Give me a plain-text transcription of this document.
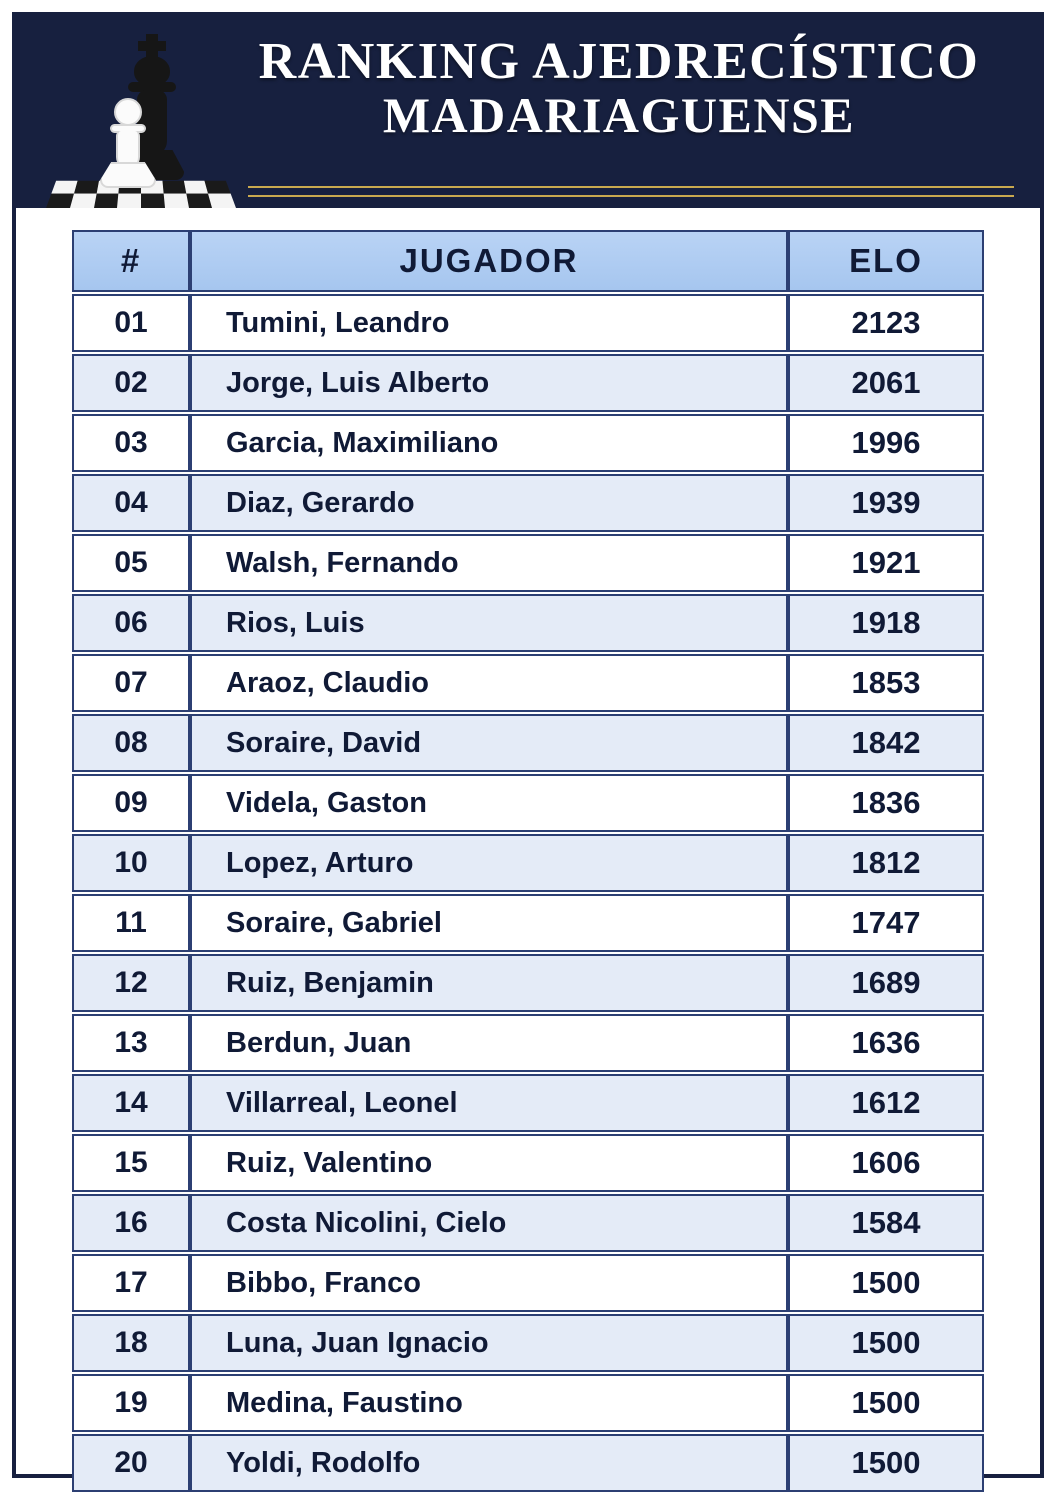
RANKING AJEDRECÍSTICO
MADARIAGUENSE
#	JUGADOR	ELO
01	Tumini, Leandro	2123
02	Jorge, Luis Alberto	2061
03	Garcia, Maximiliano	1996
04	Diaz, Gerardo	1939
05	Walsh, Fernando	1921
06	Rios, Luis	1918
07	Araoz, Claudio	1853
08	Soraire, David	1842
09	Videla, Gaston	1836
10	Lopez, Arturo	1812
11	Soraire, Gabriel	1747
12	Ruiz, Benjamin	1689
13	Berdun, Juan	1636
14	Villarreal, Leonel	1612
15	Ruiz, Valentino	1606
16	Costa Nicolini, Cielo	1584
17	Bibbo, Franco	1500
18	Luna, Juan Ignacio	1500
19	Medina, Faustino	1500
20	Yoldi, Rodolfo	1500
